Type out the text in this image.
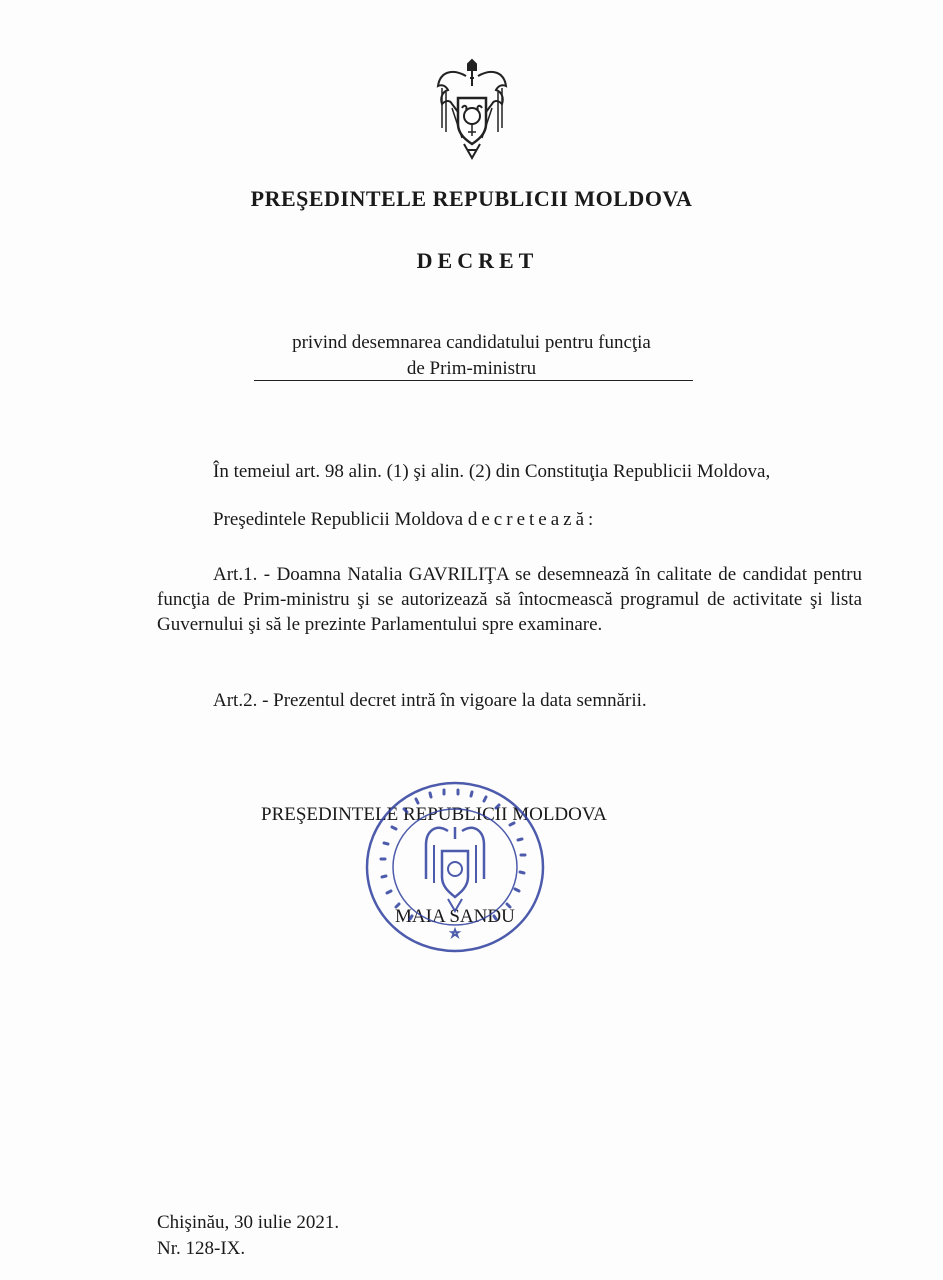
PREŞEDINTELE REPUBLICII MOLDOVA
DECRET
privind desemnarea candidatului pentru funcţia
de Prim-ministru
În temeiul art. 98 alin. (1) şi alin. (2) din Constituţia Republicii Moldova,
Preşedintele Republicii Moldova decretează:
Art.1. - Doamna Natalia GAVRILIŢA se desemnează în calitate de candidat pentru funcţia de Prim-ministru şi se autorizează să întocmească programul de activitate şi lista Guvernului şi să le prezinte Parlamentului spre examinare.
Art.2. - Prezentul decret intră în vigoare la data semnării.
PREŞEDINTELE REPUBLICII MOLDOVA
MAIA SANDU
Chişinău, 30 iulie 2021.
Nr. 128-IX.
